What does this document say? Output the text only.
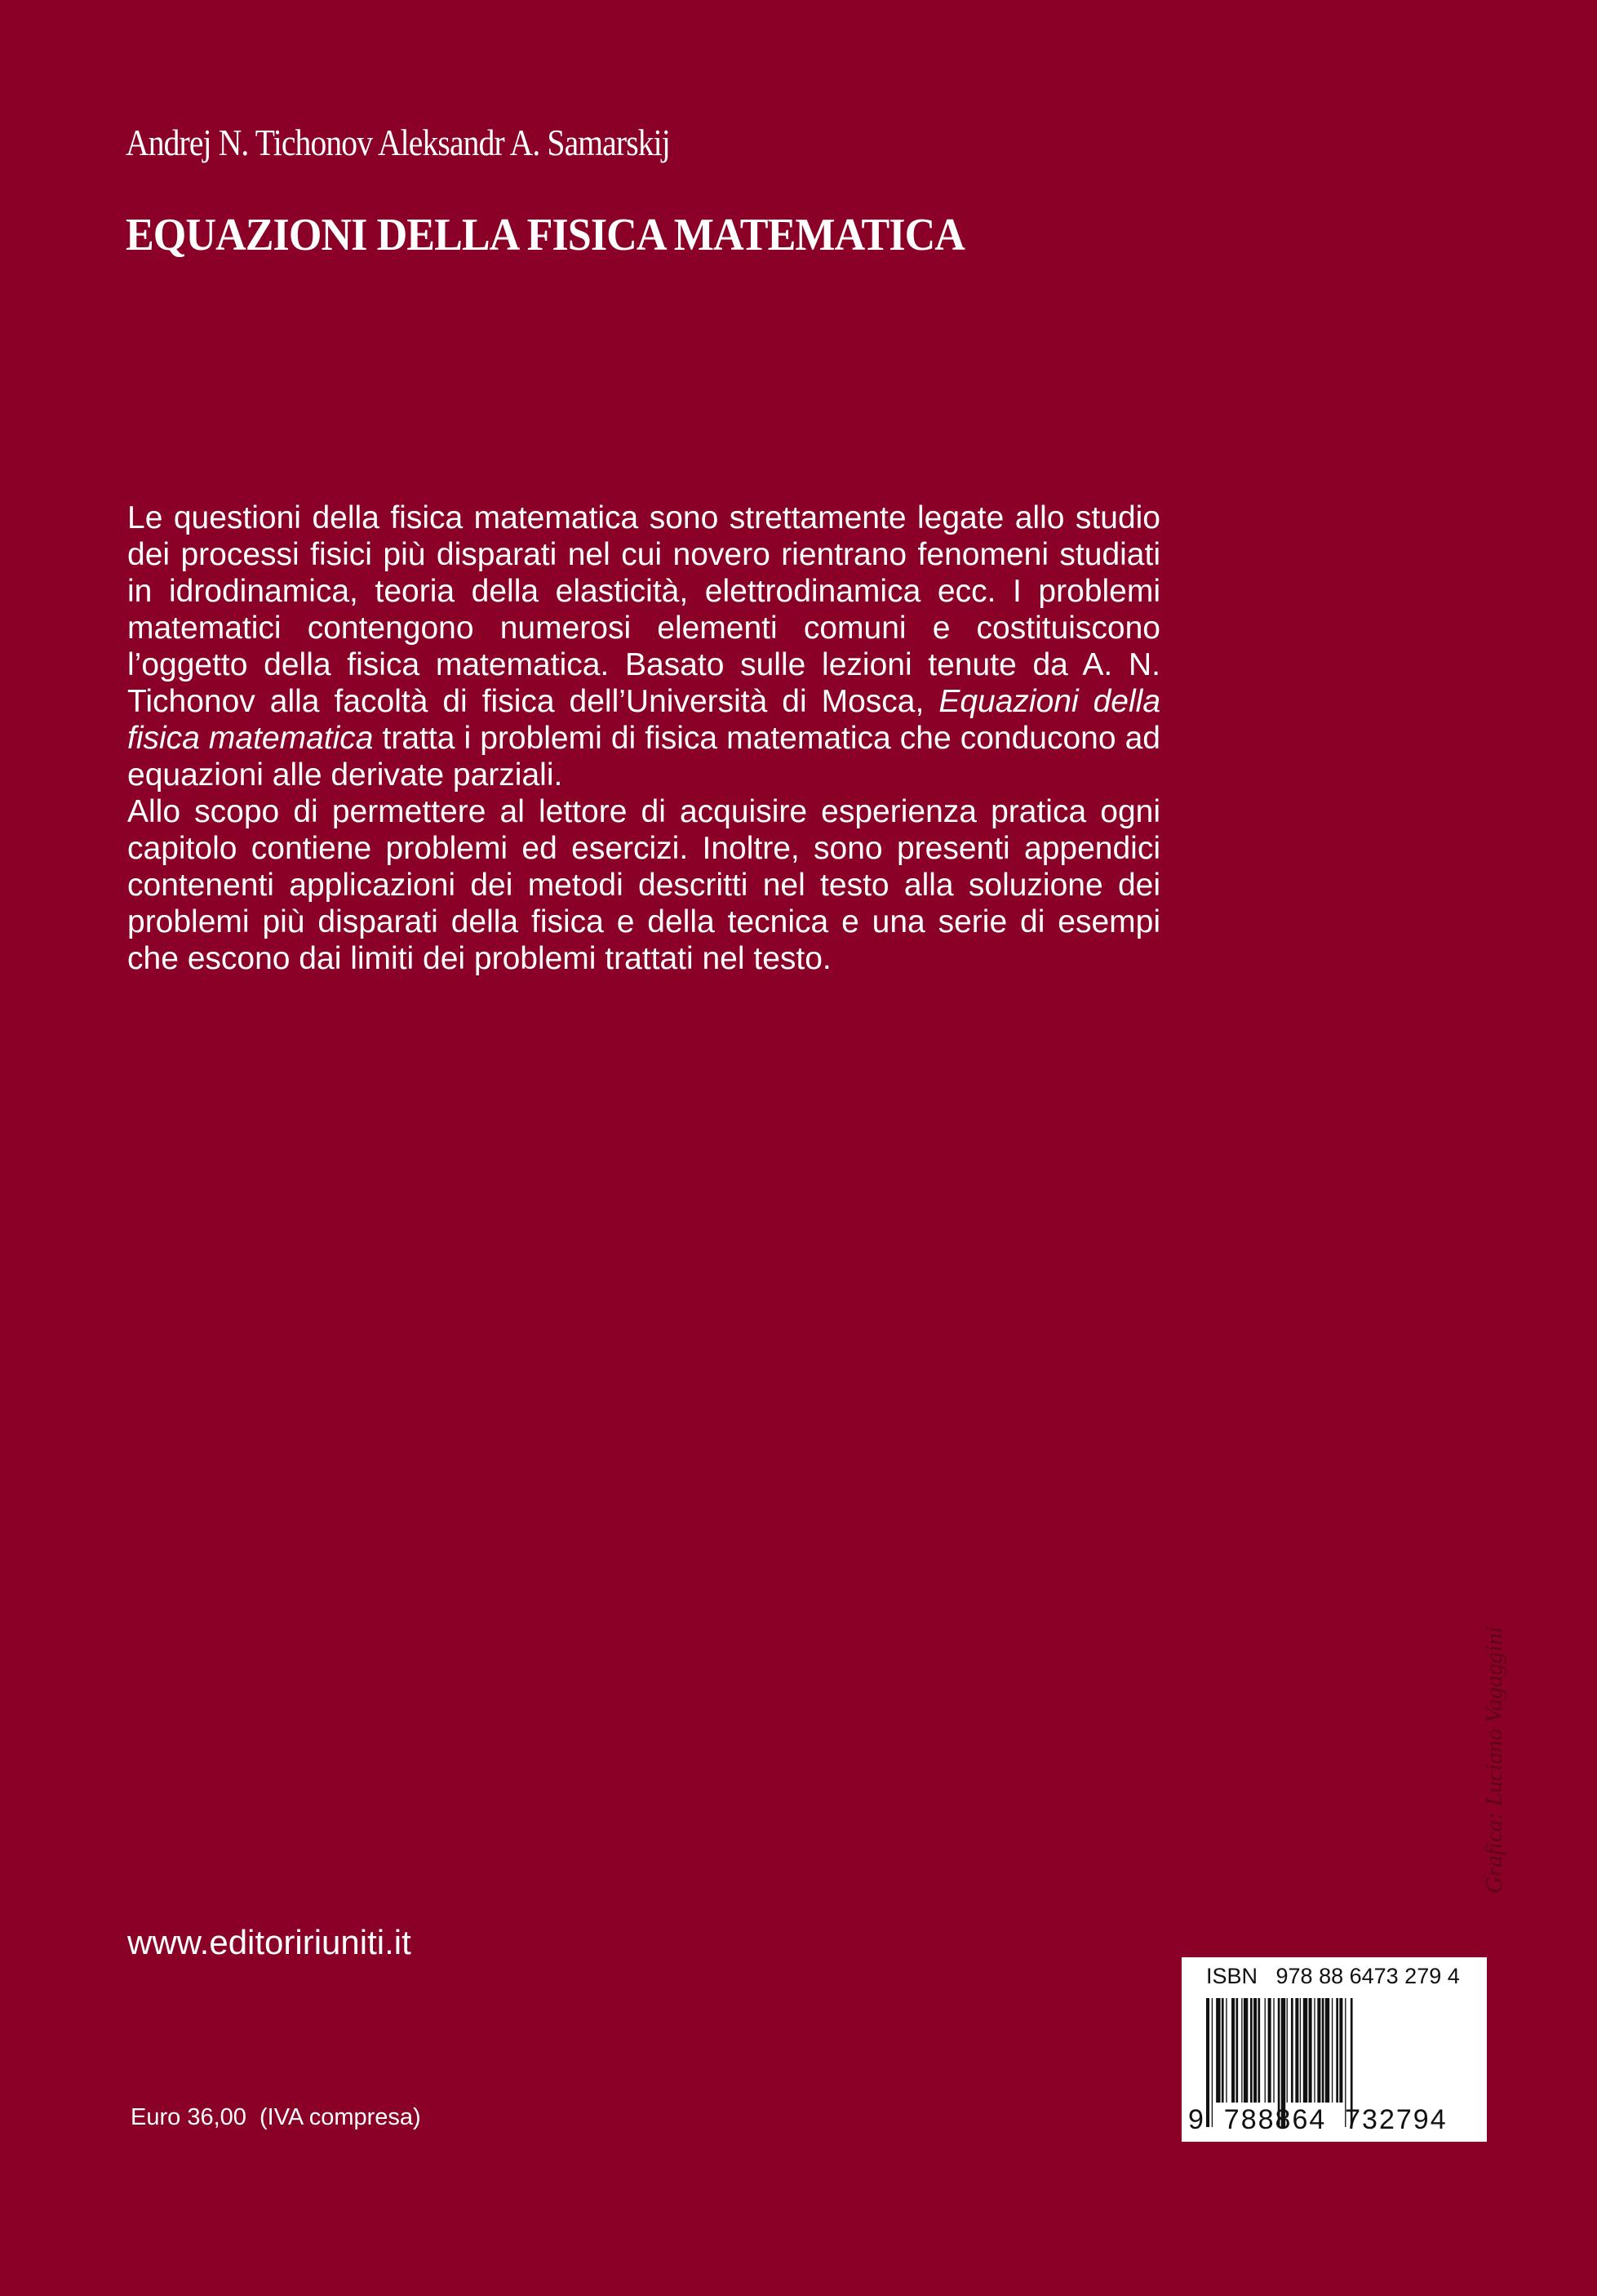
Andrej N. Tichonov Aleksandr A. Samarskij
EQUAZIONI DELLA FISICA MATEMATICA

Le questioni della fisica matematica sono strettamente legate allo studio dei processi fisici più disparati nel cui novero rientrano fenomeni studiati in idrodinamica, teoria della elasticità, elettrodinamica ecc. I problemi matematici contengono numerosi elementi comuni e costituiscono l’oggetto della fisica matematica. Basato sulle lezioni tenute da A. N. Tichonov alla facoltà di fisica dell’Università di Mosca, Equazioni della fisica matematica tratta i problemi di fisica matematica che conducono ad equazioni alle derivate parziali.

Allo scopo di permettere al lettore di acquisire esperienza pratica ogni capitolo contiene problemi ed esercizi. Inoltre, sono presenti appendici contenenti applicazioni dei metodi descritti nel testo alla soluzione dei problemi più disparati della fisica e della tecnica e una serie di esempi che escono dai limiti dei problemi trattati nel testo.

www.editoririuniti.it
Euro 36,00  (IVA compresa)
Grafica: Luciano Vagaggini
ISBN   978 88 6473 279 4
9  788864  732794
